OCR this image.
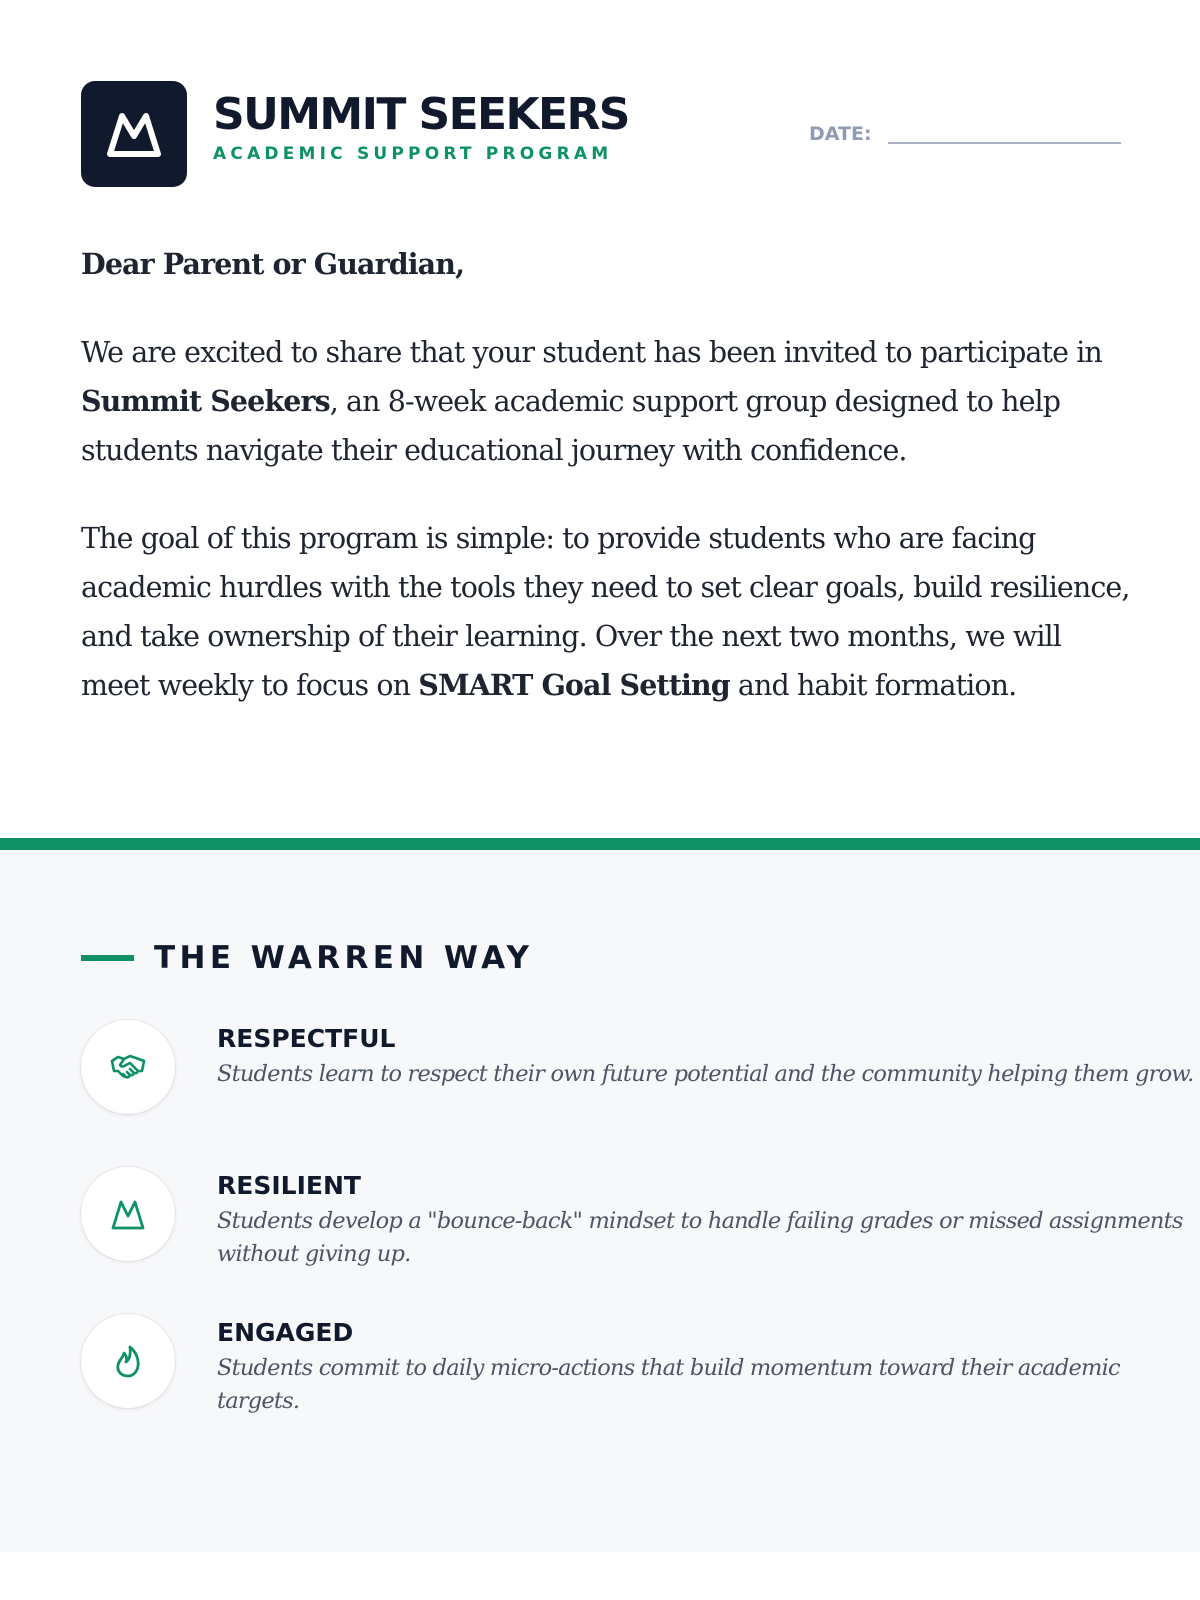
SUMMIT SEEKERS
ACADEMIC SUPPORT PROGRAM
DATE:

Dear Parent or Guardian,

We are excited to share that your student has been invited to participate in Summit Seekers, an 8-week academic support group designed to help students navigate their educational journey with confidence.

The goal of this program is simple: to provide students who are facing academic hurdles with the tools they need to set clear goals, build resilience, and take ownership of their learning. Over the next two months, we will meet weekly to focus on SMART Goal Setting and habit formation.

THE WARREN WAY
RESPECTFUL
Students learn to respect their own future potential and the community helping them grow.
RESILIENT
Students develop a "bounce-back" mindset to handle failing grades or missed assignments without giving up.
ENGAGED
Students commit to daily micro-actions that build momentum toward their academic targets.
